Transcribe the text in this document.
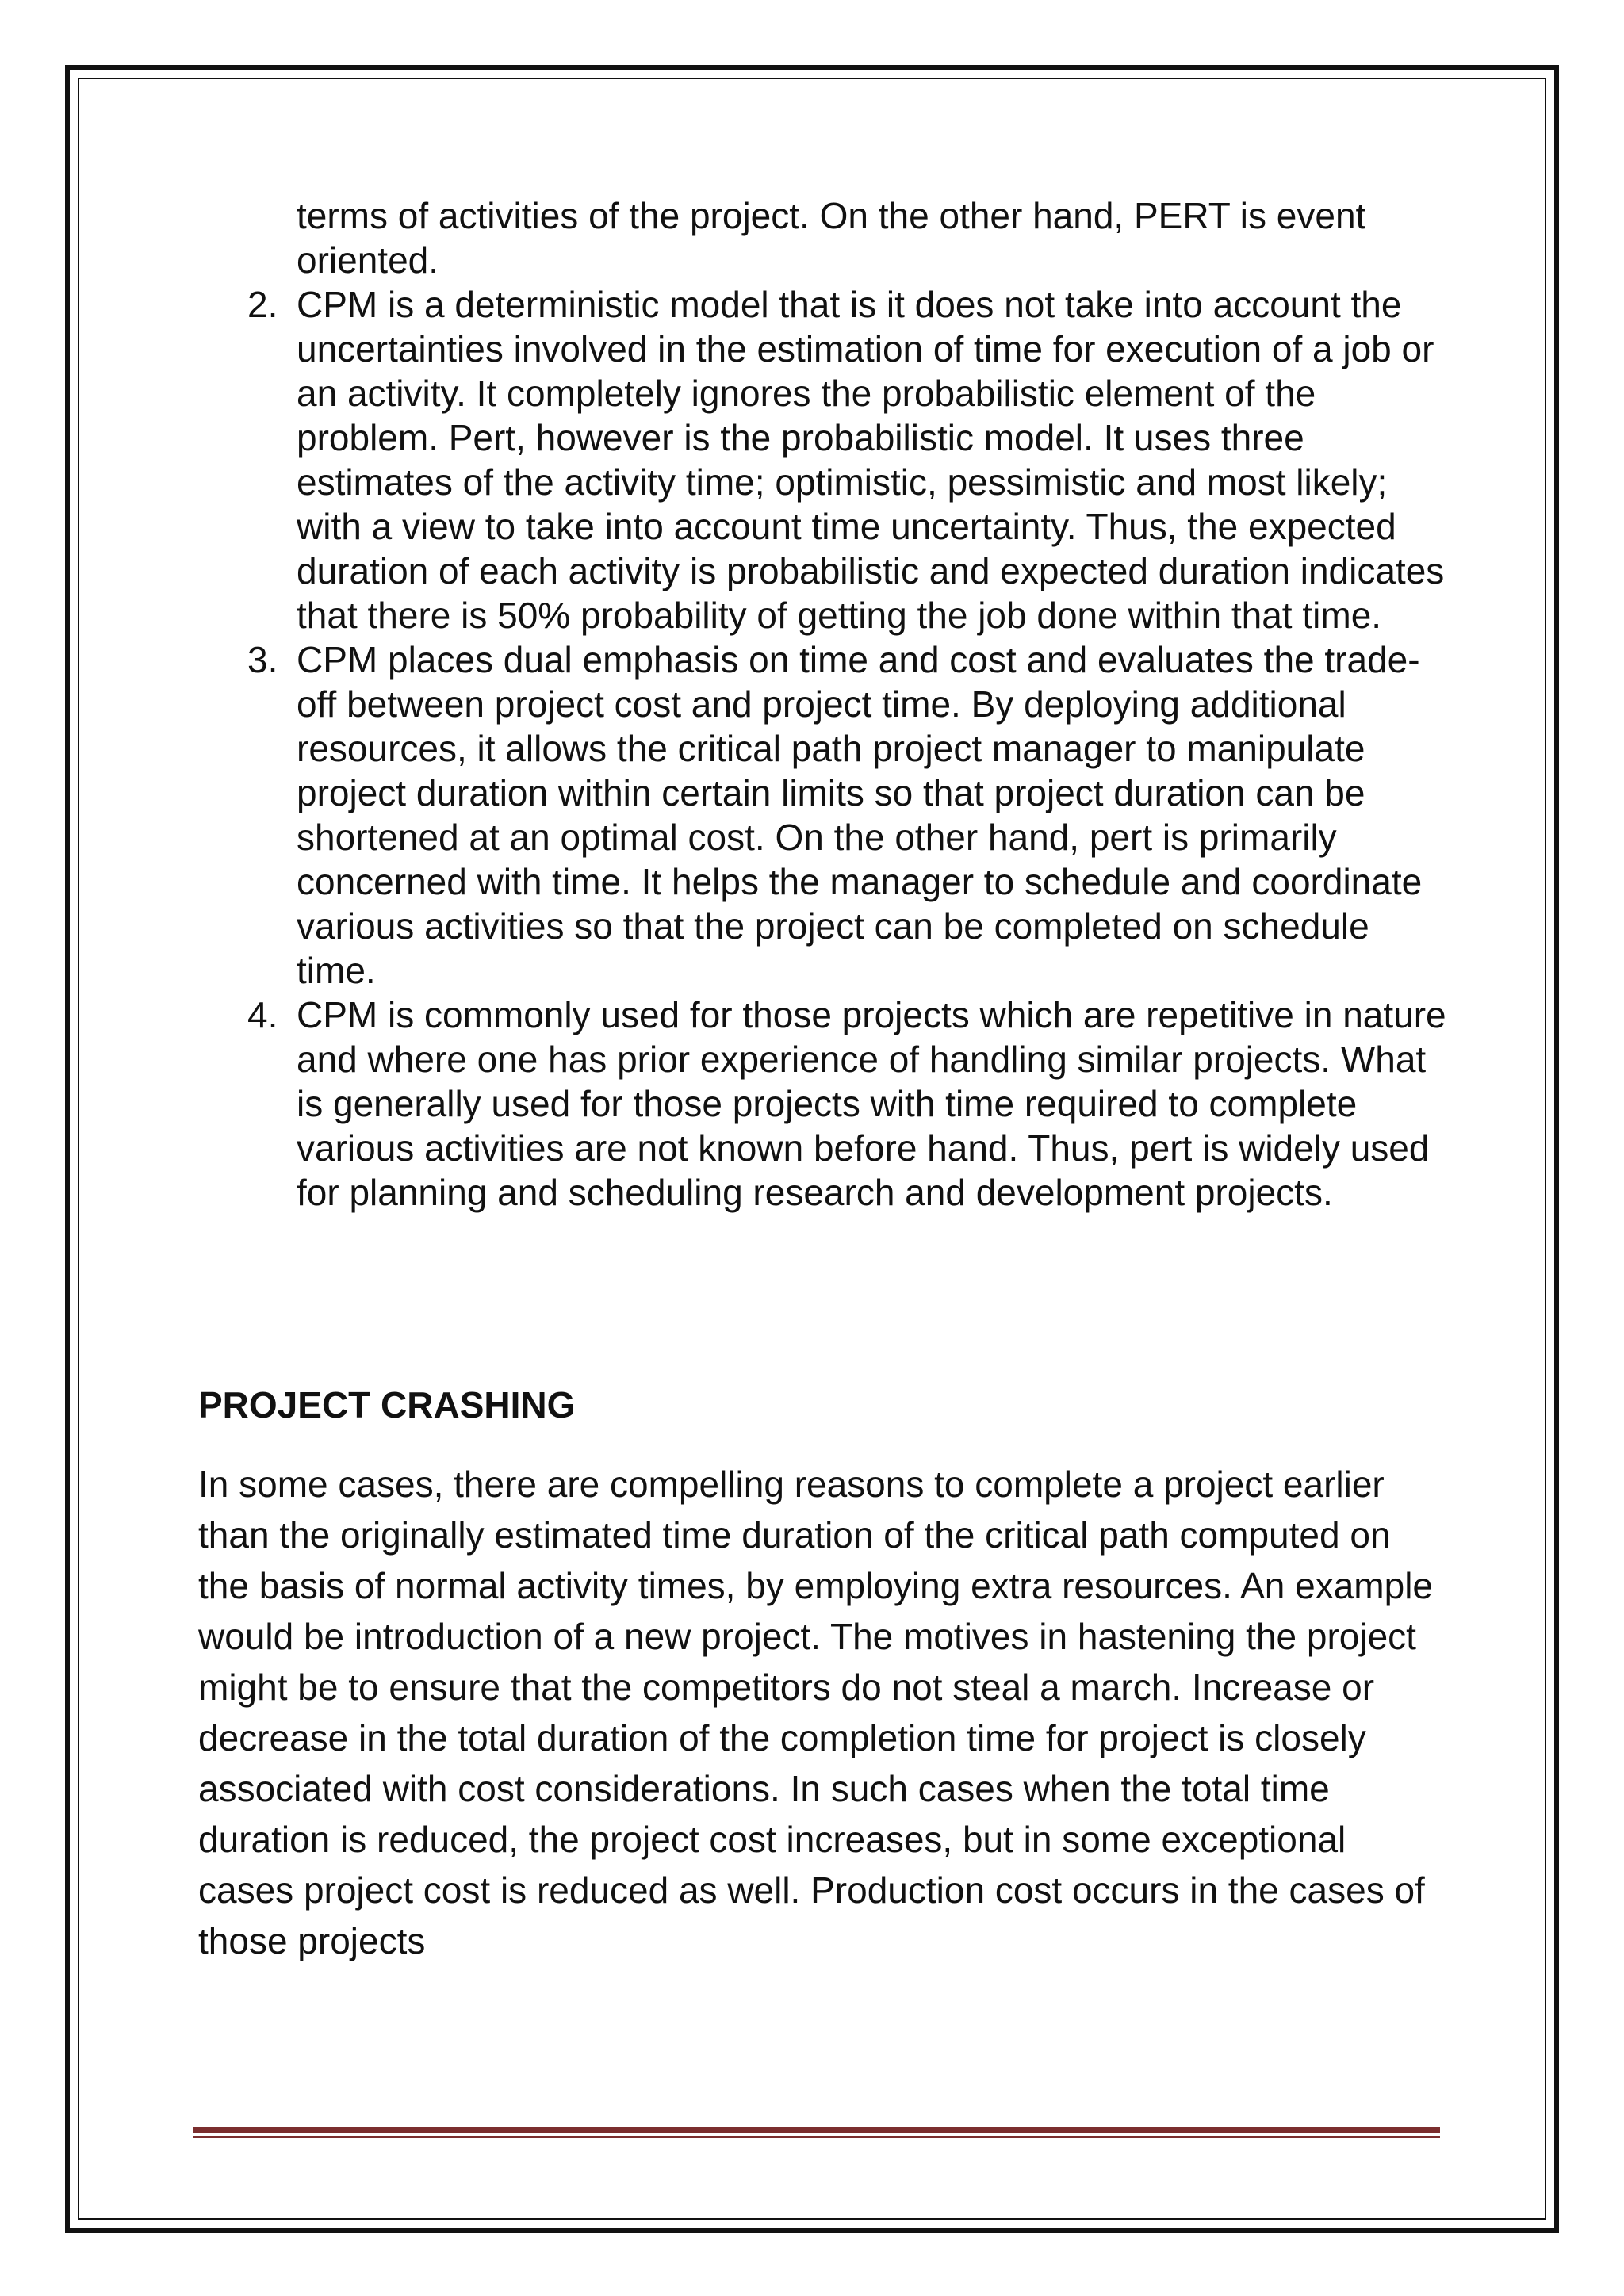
terms of activities of the project. On the other hand, PERT is event oriented.
2. CPM is a deterministic model that is it does not take into account the uncertainties involved in the estimation of time for execution of a job or an activity. It completely ignores the probabilistic element of the problem. Pert, however is the probabilistic model. It uses three estimates of the activity time; optimistic, pessimistic and most likely; with a view to take into account time uncertainty. Thus, the expected duration of each activity is probabilistic and expected duration indicates that there is 50% probability of getting the job done within that time.
3. CPM places dual emphasis on time and cost and evaluates the trade-off between project cost and project time. By deploying additional resources, it allows the critical path project manager to manipulate project duration within certain limits so that project duration can be shortened at an optimal cost. On the other hand, pert is primarily concerned with time. It helps the manager to schedule and coordinate various activities so that the project can be completed on schedule time.
4. CPM is commonly used for those projects which are repetitive in nature and where one has prior experience of handling similar projects. What is generally used for those projects with time required to complete various activities are not known before hand. Thus, pert is widely used for planning and scheduling research and development projects.
PROJECT CRASHING

In some cases, there are compelling reasons to complete a project earlier than the originally estimated time duration of the critical path computed on the basis of normal activity times, by employing extra resources. An example would be introduction of a new project. The motives in hastening the project might be to ensure that the competitors do not steal a march. Increase or decrease in the total duration of the completion time for project is closely associated with cost considerations. In such cases when the total time duration is reduced, the project cost increases, but in some exceptional cases project cost is reduced as well. Production cost occurs in the cases of those projects
